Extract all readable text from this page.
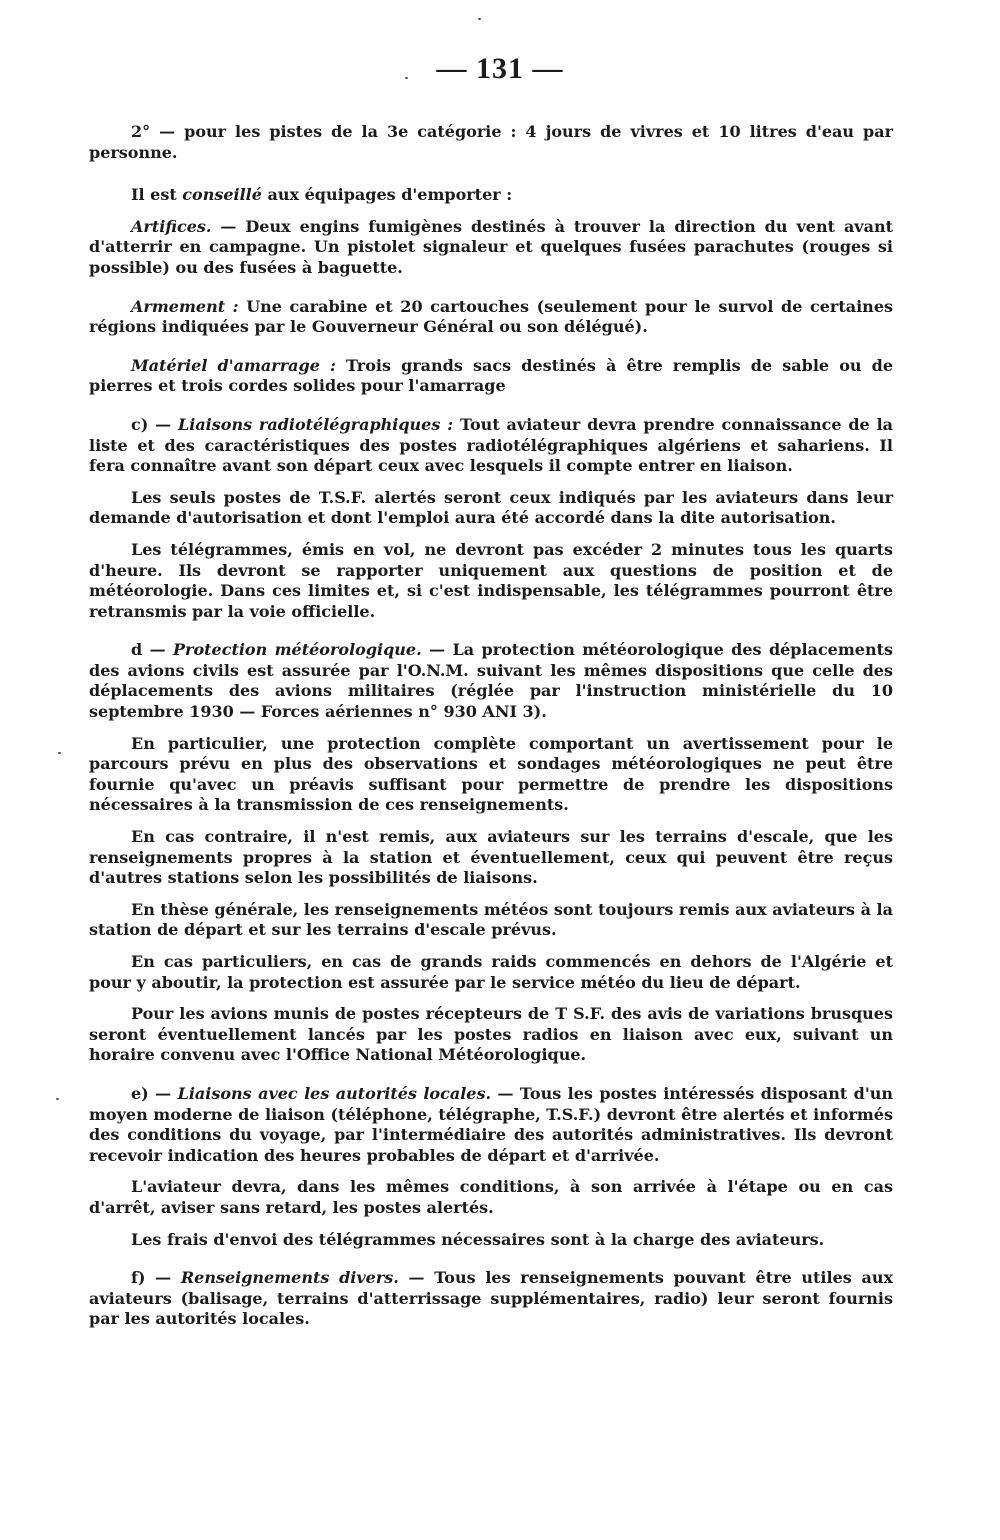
— 131 —

2° — pour les pistes de la 3e catégorie : 4 jours de vivres et 10 litres d'eau par personne.

Il est conseillé aux équipages d'emporter :

Artifices. — Deux engins fumigènes destinés à trouver la direction du vent avant d'atterrir en campagne. Un pistolet signaleur et quelques fusées parachutes (rouges si possible) ou des fusées à baguette.

Armement : Une carabine et 20 cartouches (seulement pour le survol de certaines régions indiquées par le Gouverneur Général ou son délégué).

Matériel d'amarrage : Trois grands sacs destinés à être remplis de sable ou de pierres et trois cordes solides pour l'amarrage

c) — Liaisons radiotélégraphiques : Tout aviateur devra prendre connaissance de la liste et des caractéristiques des postes radiotélégraphiques algériens et sahariens. Il fera connaître avant son départ ceux avec lesquels il compte entrer en liaison.

Les seuls postes de T.S.F. alertés seront ceux indiqués par les aviateurs dans leur demande d'autorisation et dont l'emploi aura été accordé dans la dite autorisation.

Les télégrammes, émis en vol, ne devront pas excéder 2 minutes tous les quarts d'heure. Ils devront se rapporter uniquement aux questions de position et de météorologie. Dans ces limites et, si c'est indispensable, les télégrammes pourront être retransmis par la voie officielle.

d — Protection météorologique. — La protection météorologique des déplacements des avions civils est assurée par l'O.N.M. suivant les mêmes dispositions que celle des déplacements des avions militaires (réglée par l'instruction ministérielle du 10 septembre 1930 — Forces aériennes n° 930 ANI 3).

En particulier, une protection complète comportant un avertissement pour le parcours prévu en plus des observations et sondages météorologiques ne peut être fournie qu'avec un préavis suffisant pour permettre de prendre les dispositions nécessaires à la transmission de ces renseignements.

En cas contraire, il n'est remis, aux aviateurs sur les terrains d'escale, que les renseignements propres à la station et éventuellement, ceux qui peuvent être reçus d'autres stations selon les possibilités de liaisons.

En thèse générale, les renseignements météos sont toujours remis aux aviateurs à la station de départ et sur les terrains d'escale prévus.

En cas particuliers, en cas de grands raids commencés en dehors de l'Algérie et pour y aboutir, la protection est assurée par le service météo du lieu de départ.

Pour les avions munis de postes récepteurs de T S.F. des avis de variations brusques seront éventuellement lancés par les postes radios en liaison avec eux, suivant un horaire convenu avec l'Office National Météorologique.

e) — Liaisons avec les autorités locales. — Tous les postes intéressés disposant d'un moyen moderne de liaison (téléphone, télégraphe, T.S.F.) devront être alertés et informés des conditions du voyage, par l'intermédiaire des autorités administratives. Ils devront recevoir indication des heures probables de départ et d'arrivée.

L'aviateur devra, dans les mêmes conditions, à son arrivée à l'étape ou en cas d'arrêt, aviser sans retard, les postes alertés.

Les frais d'envoi des télégrammes nécessaires sont à la charge des aviateurs.

f) — Renseignements divers. — Tous les renseignements pouvant être utiles aux aviateurs (balisage, terrains d'atterrissage supplémentaires, radio) leur seront fournis par les autorités locales.
